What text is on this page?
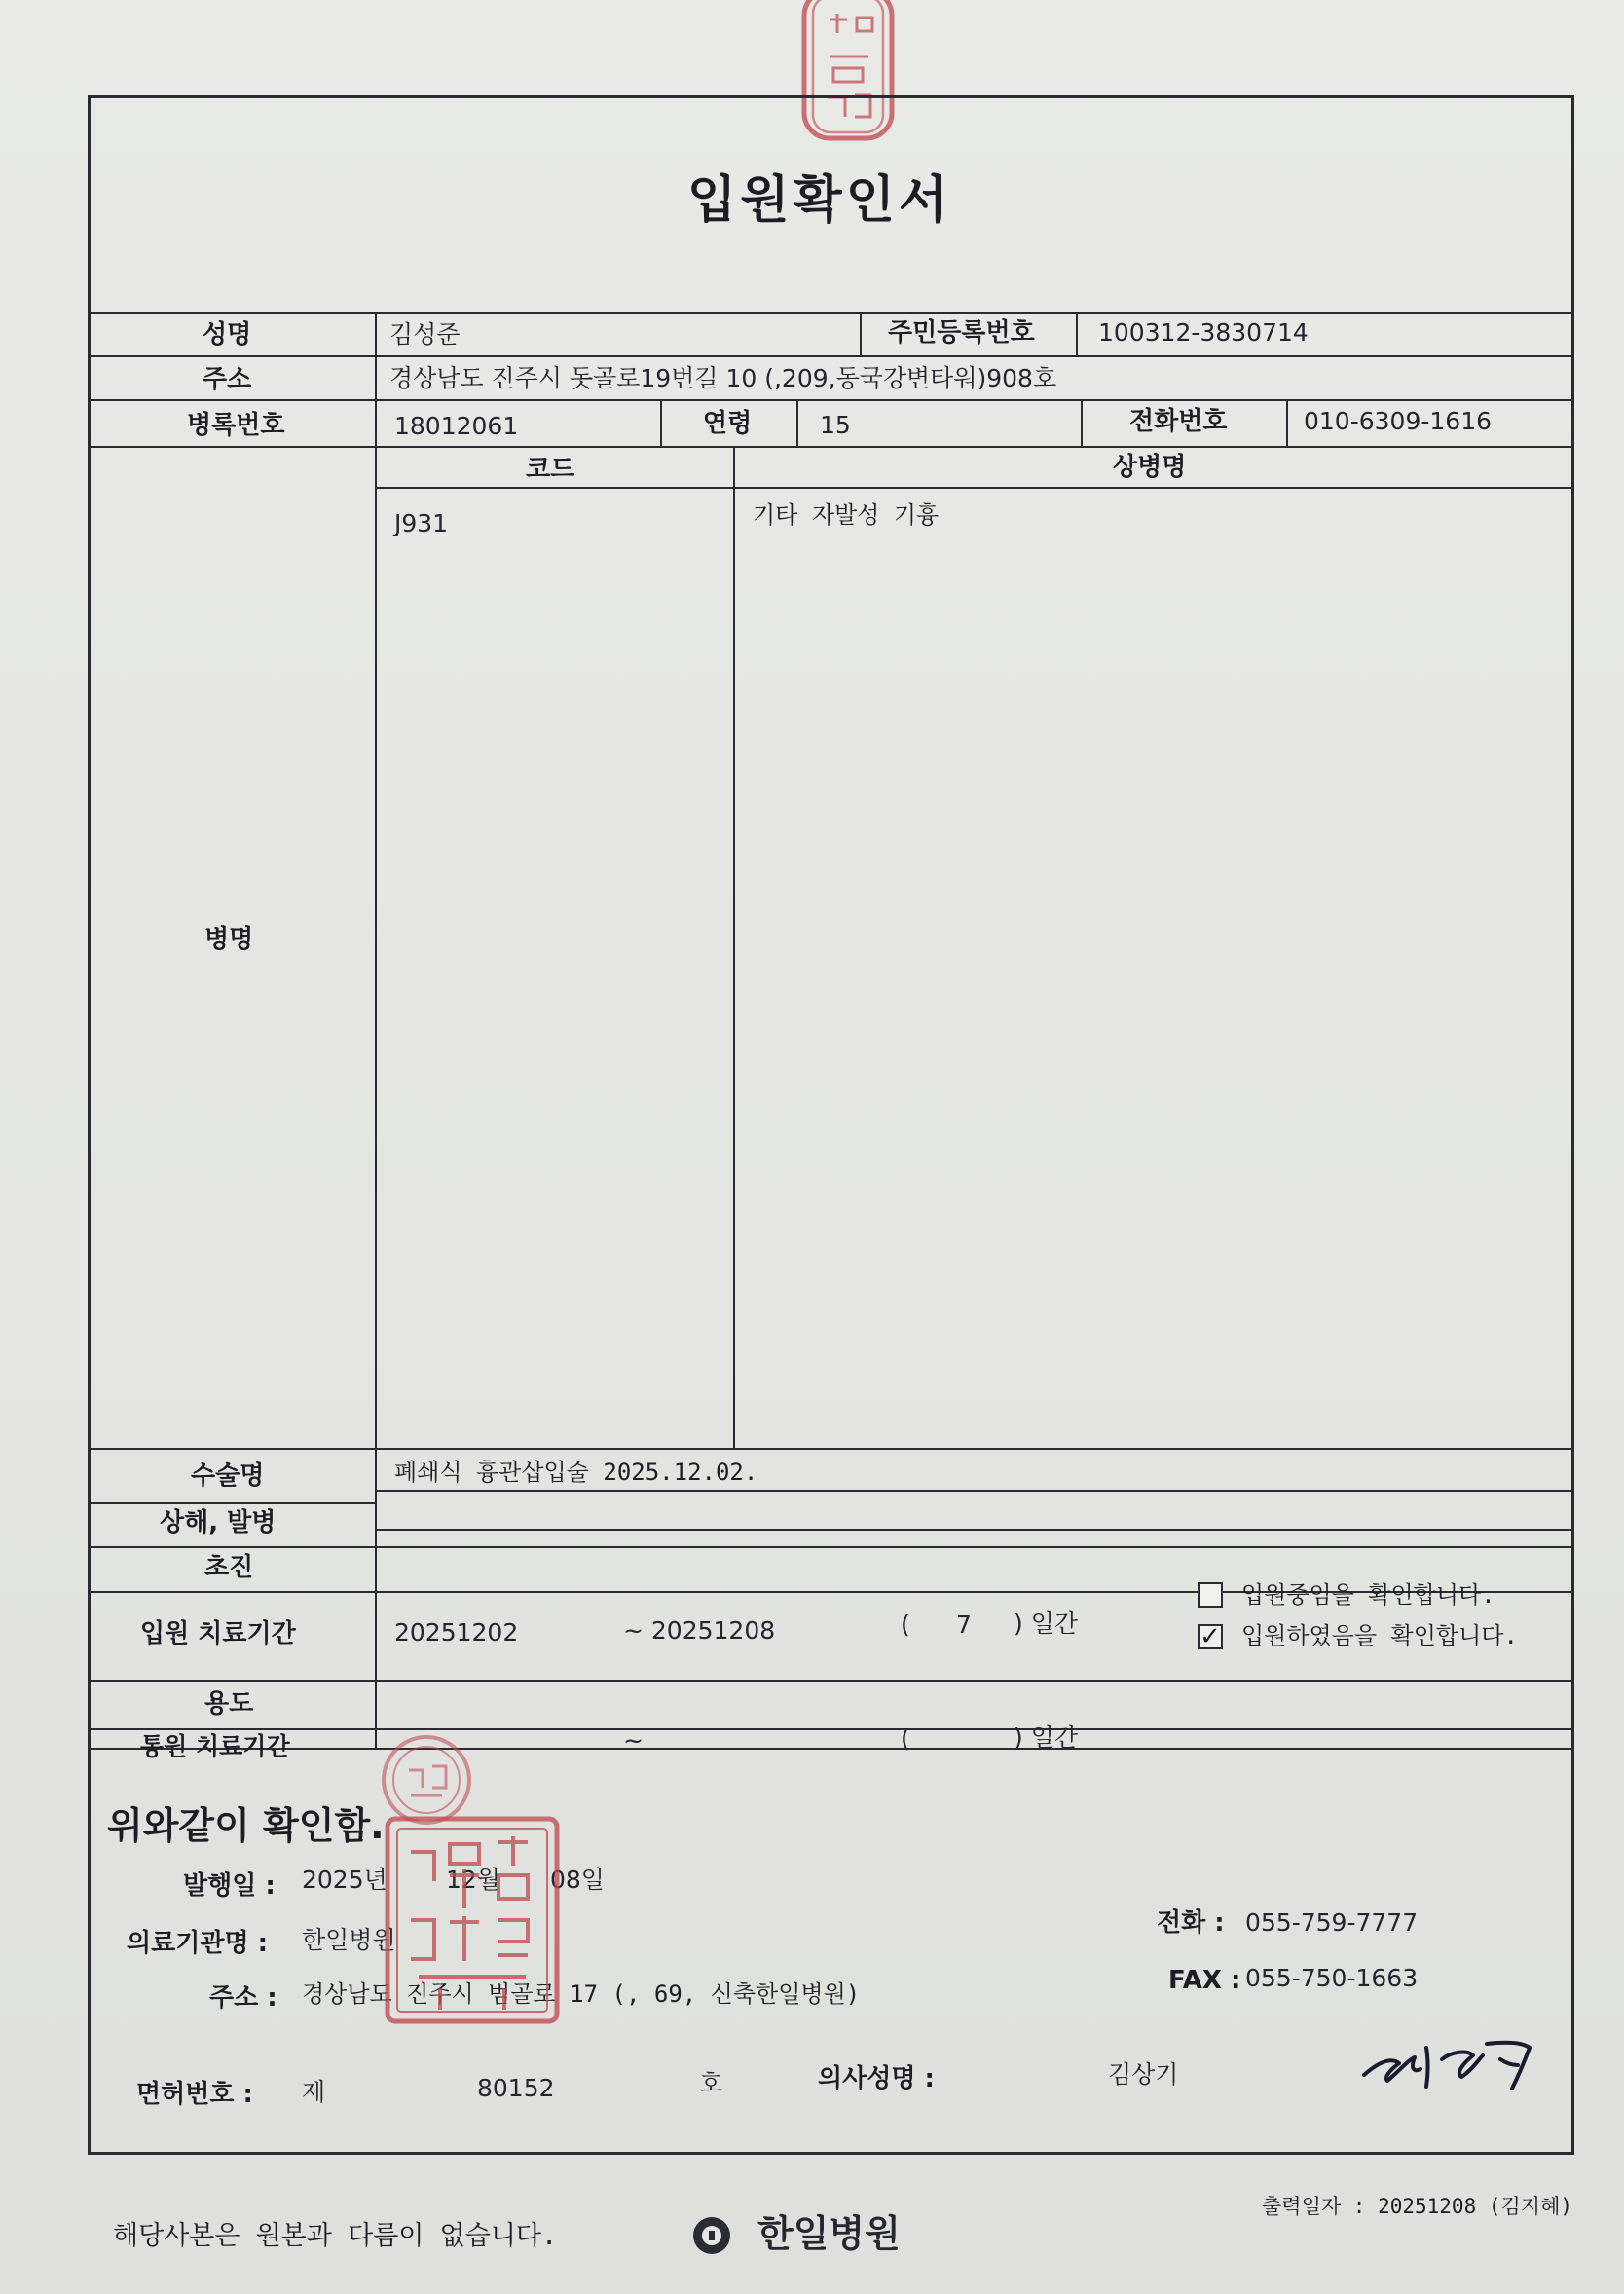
입원확인서
성명	김성준	주민등록번호	100312-3830714
주소	경상남도 진주시 돗골로19번길 10 (,209,동국강변타워)908호
병록번호	18012061	연령	15	전화번호	010-6309-1616
코드	상병명
병명
J931	기타 자발성 기흉
수술명	폐쇄식 흉관삽입술 2025.12.02.
상해, 발병
초진
입원 치료기간	20251202	~ 20251208	( 7 ) 일간
입원중임을 확인합니다.
✓ 입원하였음을 확인합니다.
용도
통원 치료기간	~	(	) 일간
위와같이 확인함.
발행일 : 2025년 12월 08일
의료기관명 : 한일병원
주소 : 경상남도 진주시 범골로 17 (, 69, 신축한일병원)
전화 : 055-759-7777
FAX : 055-750-1663
면허번호 : 제	80152	호	의사성명 :	김상기
해당사본은 원본과 다름이 없습니다.	한일병원
출력일자 : 20251208 (김지혜)
